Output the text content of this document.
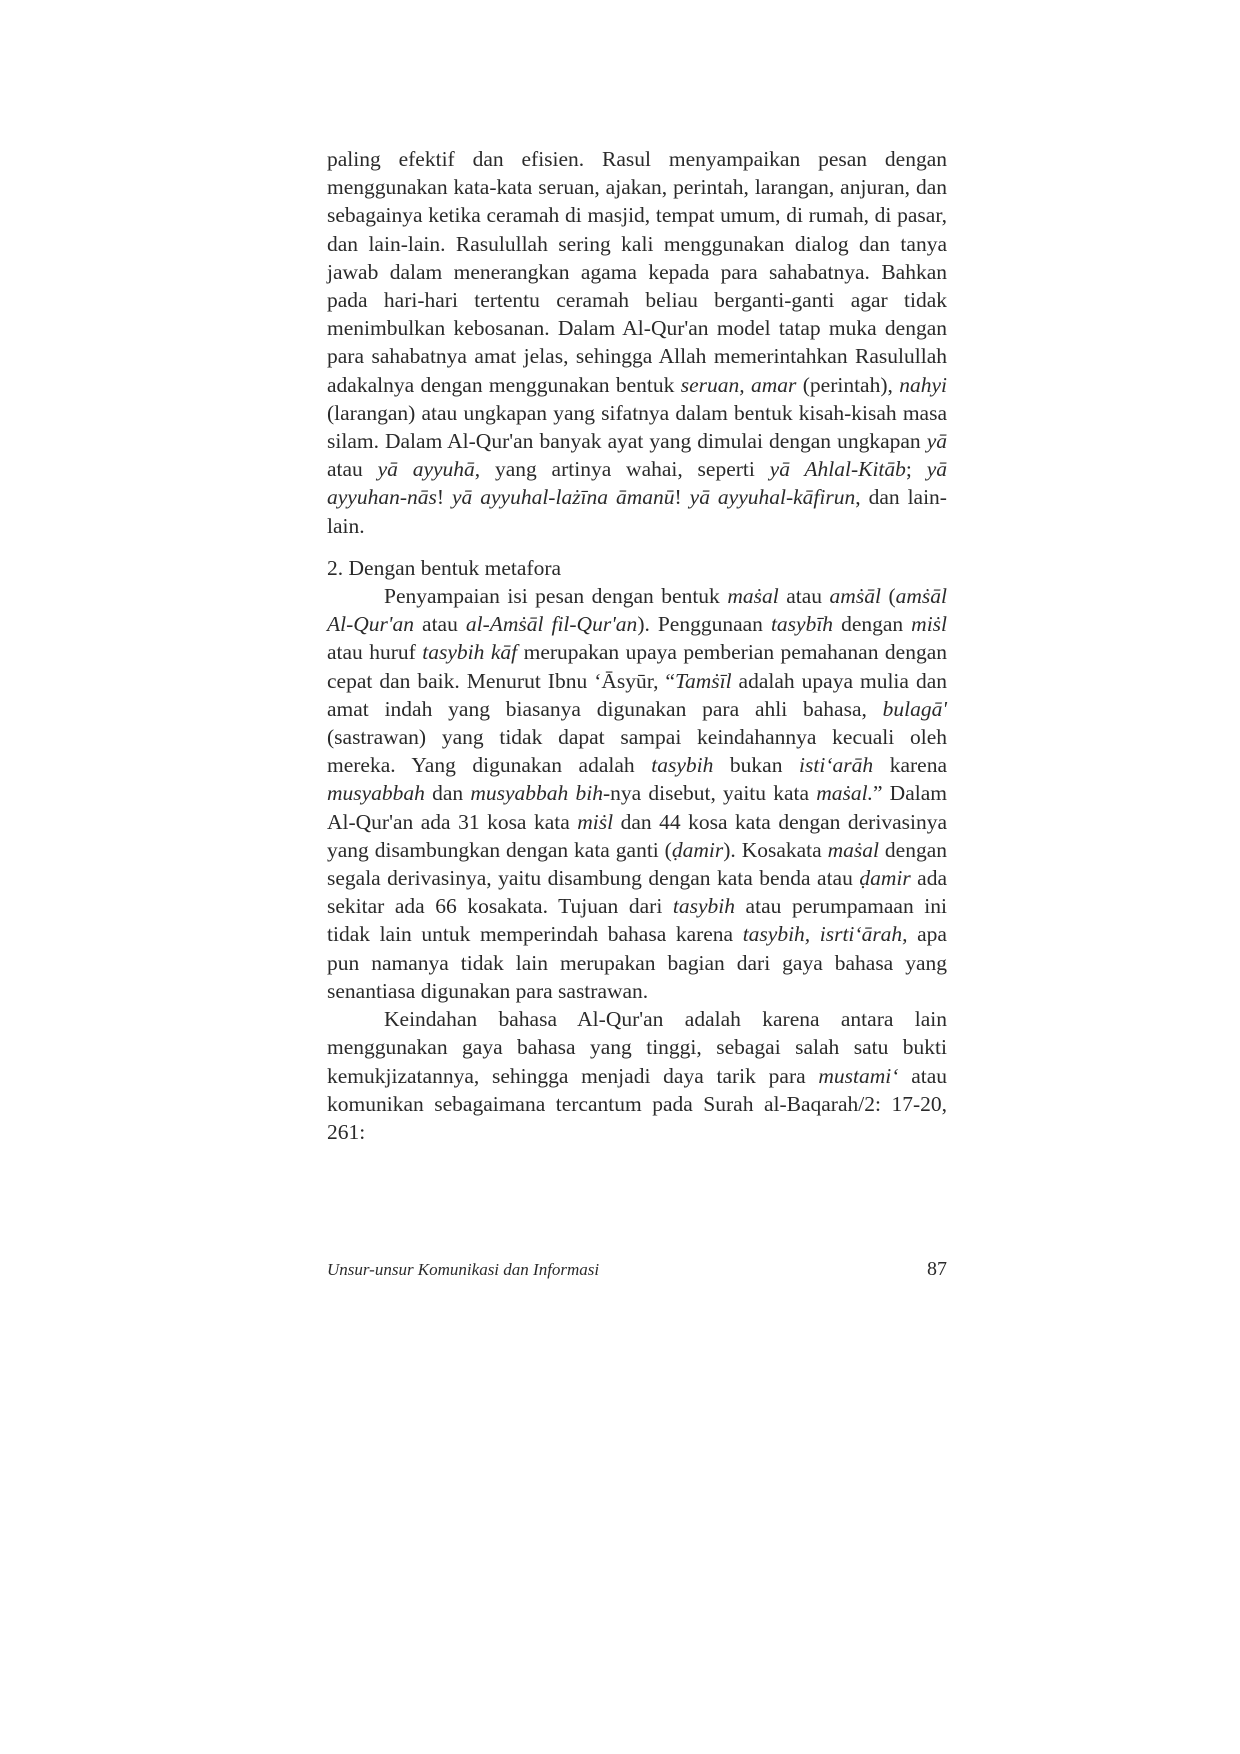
paling efektif dan efisien. Rasul menyampaikan pesan dengan menggunakan kata-kata seruan, ajakan, perintah, larangan, anjuran, dan sebagainya ketika ceramah di masjid, tempat umum, di rumah, di pasar, dan lain-lain. Rasulullah sering kali menggunakan dialog dan tanya jawab dalam menerangkan agama kepada para sahabatnya. Bahkan pada hari-hari tertentu ceramah beliau berganti-ganti agar tidak menimbulkan kebosanan. Dalam Al-Qur'an model tatap muka dengan para sahabatnya amat jelas, sehingga Allah memerintahkan Rasulullah adakalnya dengan menggunakan bentuk seruan, amar (perintah), nahyi (larangan) atau ungkapan yang sifatnya dalam bentuk kisah-kisah masa silam. Dalam Al-Qur'an banyak ayat yang dimulai dengan ungkapan yā atau yā ayyuhā, yang artinya wahai, seperti yā Ahlal-Kitāb; yā ayyuhan-nās! yā ayyuhal-lażīna āmanū! yā ayyuhal-kāfirun, dan lain-lain.

2. Dengan bentuk metafora

Penyampaian isi pesan dengan bentuk maṡal atau amṡāl (amṡāl Al-Qur'an atau al-Amṡāl fil-Qur'an). Penggunaan tasybīh dengan miṡl atau huruf tasybih kāf merupakan upaya pemberian pemahanan dengan cepat dan baik. Menurut Ibnu ‘Āsyūr, “Tamṡīl adalah upaya mulia dan amat indah yang biasanya digunakan para ahli bahasa, bulagā' (sastrawan) yang tidak dapat sampai keindahannya kecuali oleh mereka. Yang digunakan adalah tasybih bukan isti‘arāh karena musyabbah dan musyabbah bih-nya disebut, yaitu kata maṡal.” Dalam Al-Qur'an ada 31 kosa kata miṡl dan 44 kosa kata dengan derivasinya yang disambungkan dengan kata ganti (ḍamir). Kosakata maṡal dengan segala derivasinya, yaitu disambung dengan kata benda atau ḍamir ada sekitar ada 66 kosakata. Tujuan dari tasybih atau perumpamaan ini tidak lain untuk memperindah bahasa karena tasybih, isrti‘ārah, apa pun namanya tidak lain merupakan bagian dari gaya bahasa yang senantiasa digunakan para sastrawan.

Keindahan bahasa Al-Qur'an adalah karena antara lain menggunakan gaya bahasa yang tinggi, sebagai salah satu bukti kemukjizatannya, sehingga menjadi daya tarik para mustami‘ atau komunikan sebagaimana tercantum pada Surah al-Baqarah/2: 17-20, 261:

Unsur-unsur Komunikasi dan Informasi	87
